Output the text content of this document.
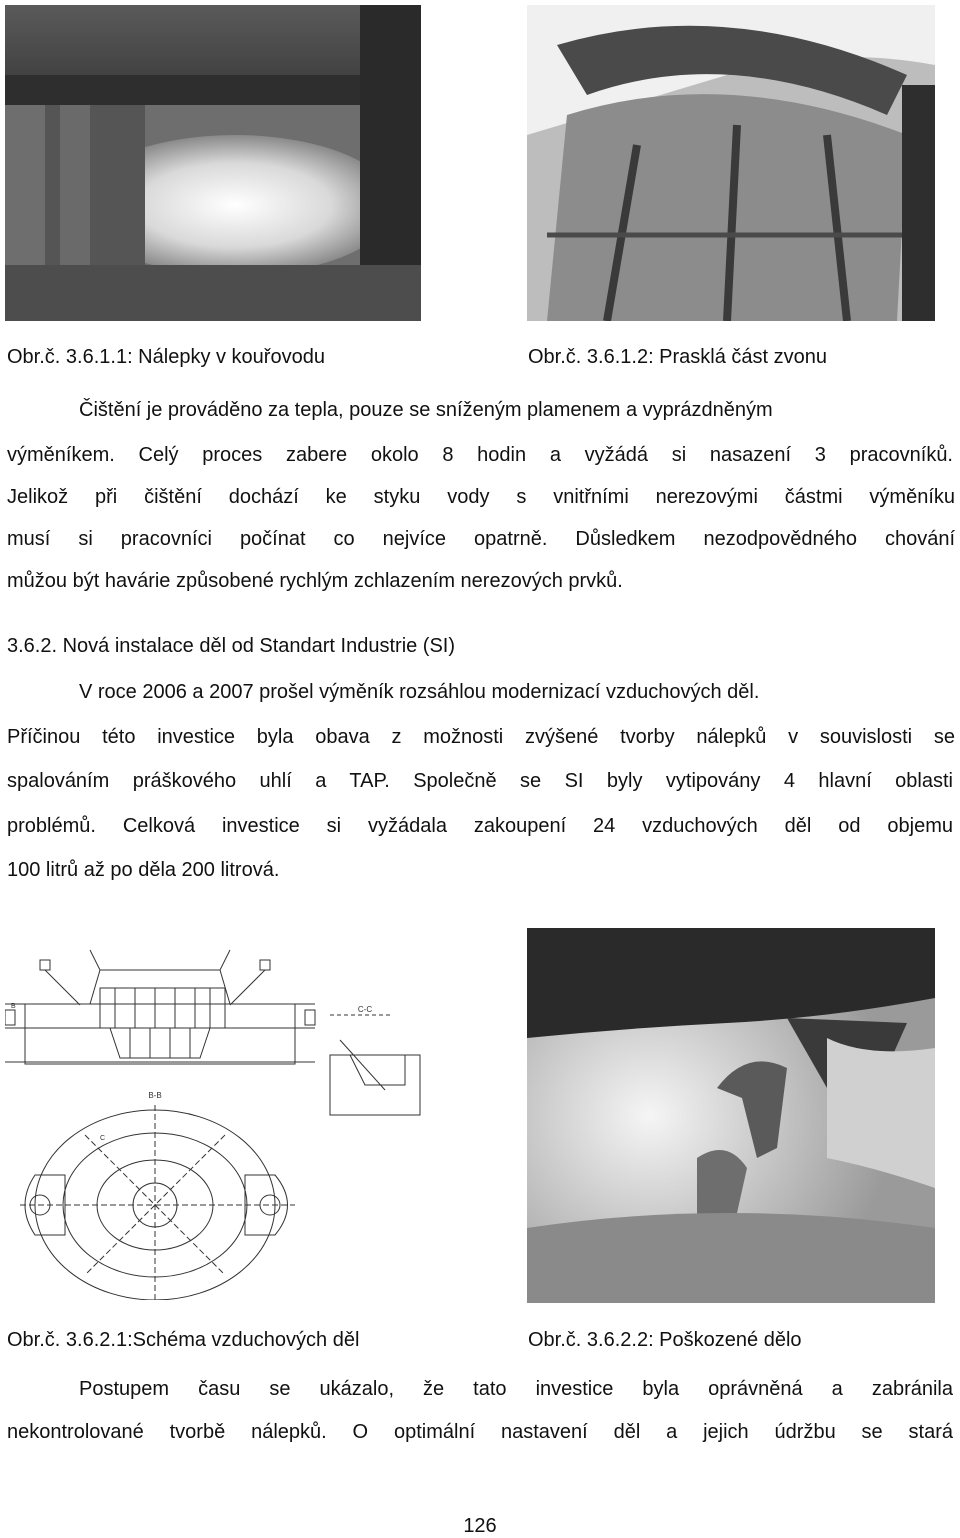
Obr.č. 3.6.1.1: Nálepky v kouřovodu	Obr.č. 3.6.1.2: Prasklá část zvonu
Čištění je prováděno za tepla, pouze se sníženým plamenem a vyprázdněným
výměníkem. Celý proces zabere okolo 8 hodin a vyžádá si nasazení 3 pracovníků.
Jelikož při čištění dochází ke styku vody s vnitřními nerezovými částmi výměníku
musí si pracovníci počínat co nejvíce opatrně. Důsledkem nezodpovědného chování
můžou být havárie způsobené rychlým zchlazením nerezových prvků.
3.6.2. Nová instalace děl od Standart Industrie (SI)
V roce 2006 a 2007 prošel výměník rozsáhlou modernizací vzduchových děl.
Příčinou této investice byla obava z možnosti zvýšené tvorby nálepků v souvislosti se
spalováním práškového uhlí a TAP. Společně se SI byly vytipovány 4 hlavní oblasti
problémů. Celková investice si vyžádala zakoupení 24 vzduchových děl od objemu
100 litrů až po děla 200 litrová.
B-B
C-C
B
C
Obr.č. 3.6.2.1:Schéma vzduchových děl	Obr.č. 3.6.2.2: Poškozené dělo
Postupem času se ukázalo, že tato investice byla oprávněná a zabránila
nekontrolované tvorbě nálepků. O optimální nastavení děl a jejich údržbu se stará
126
